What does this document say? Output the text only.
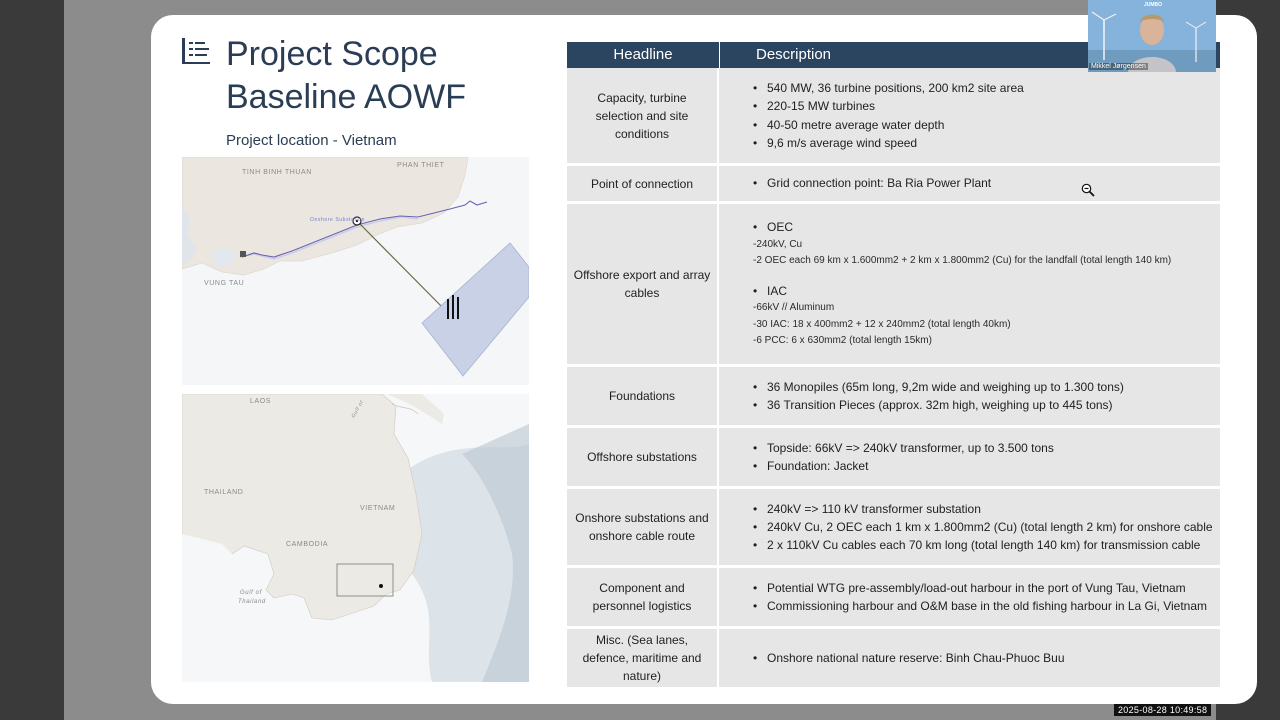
Project Scope
Baseline AOWF
Project location - Vietnam
TINH BINH THUAN
PHAN THIET
VUNG TAU
Onshore Substation
LAOS
THAILAND
VIETNAM
CAMBODIA
Gulf of
Thailand
Gulf of
Headline	Description
Capacity, turbine selection and site conditions
• 540 MW, 36 turbine positions, 200 km2 site area
• 220-15 MW turbines
• 40-50 metre average water depth
• 9,6 m/s average wind speed
Point of connection
•	Grid connection point: Ba Ria Power Plant
Offshore export and array cables
• OEC
-240kV, Cu
-2 OEC each 69 km x 1.600mm2 + 2 km x 1.800mm2 (Cu) for the landfall (total length 140 km)
• IAC
-66kV // Aluminum
-30 IAC: 18 x 400mm2 + 12 x 240mm2 (total length 40km)
-6 PCC: 6 x 630mm2 (total length 15km)
Foundations
• 36 Monopiles (65m long, 9,2m wide and weighing up to 1.300 tons)
• 36 Transition Pieces (approx. 32m high, weighing up to 445 tons)
Offshore substations
• Topside: 66kV => 240kV transformer, up to 3.500 tons
• Foundation: Jacket
Onshore substations and onshore cable route
• 240kV => 110 kV transformer substation
• 240kV Cu, 2 OEC each 1 km x 1.800mm2 (Cu) (total length 2 km) for onshore cable
• 2 x 110kV Cu cables each 70 km long (total length 140 km) for transmission cable
Component and personnel logistics
• Potential WTG pre-assembly/load-out harbour in the port of Vung Tau, Vietnam
• Commissioning harbour and O&M base in the old fishing harbour in La Gi, Vietnam
Misc. (Sea lanes, defence, maritime and nature)
• Onshore national nature reserve: Binh Chau-Phuoc Buu
JUMBO
Mikkel Jørgensen
2025-08-28 10:49:58
